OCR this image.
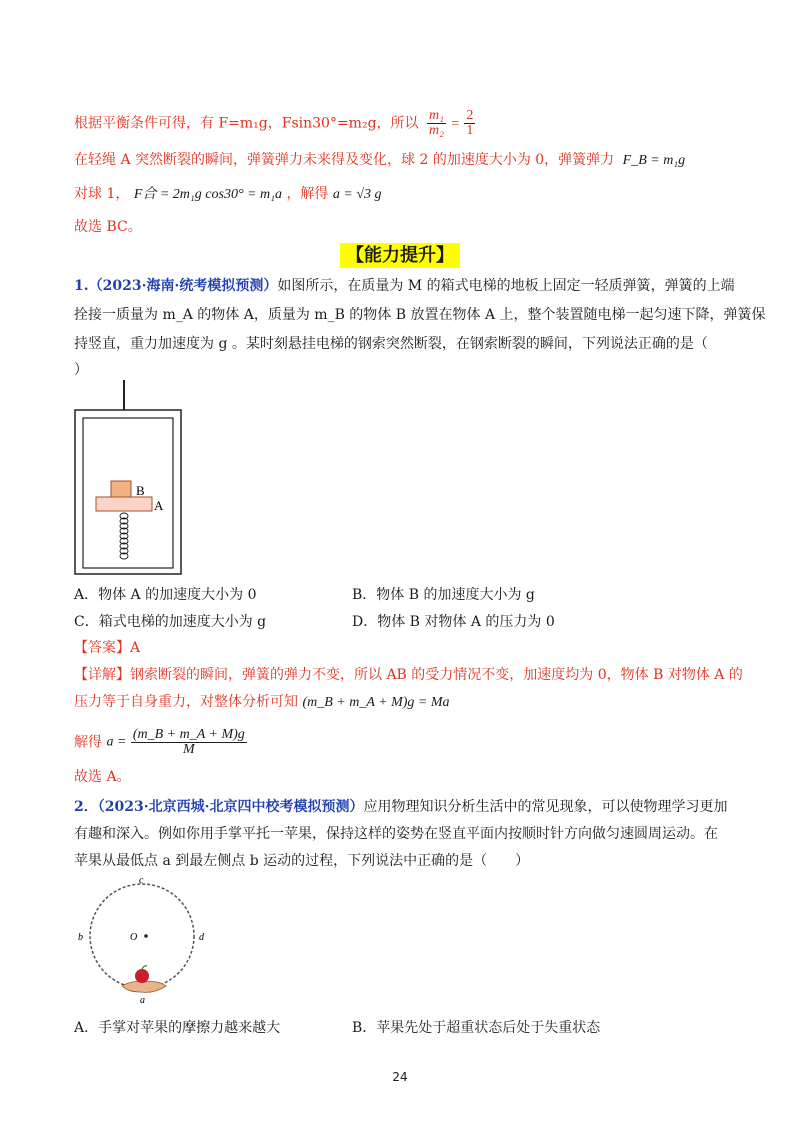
根据平衡条件可得，有 F=m₁g，Fsin30°=m₂g，所以 $\frac{\text{m₁}}{\text{m₂}} = \frac{2}{1}$
在轻绳 A 突然断裂的瞬间，弹簧弹力未来得及变化，球 2 的加速度大小为 0，弹簧弹力 F_B = m₁g
对球 1， F合 = 2m₁g cos30° = m₁a ，解得 a = √3 g
故选 BC。
【能力提升】
1.（2023·海南·统考模拟预测）如图所示，在质量为 M 的箱式电梯的地板上固定一轻质弹簧，弹簧的上端
拴接一质量为 m_A 的物体 A，质量为 m_B 的物体 B 放置在物体 A 上，整个装置随电梯一起匀速下降，弹簧保
持竖直，重力加速度为 g 。某时刻悬挂电梯的钢索突然断裂，在钢索断裂的瞬间，下列说法正确的是（
）
B
A
A．物体 A 的加速度大小为 0	B．物体 B 的加速度大小为 g
C．箱式电梯的加速度大小为 g	D．物体 B 对物体 A 的压力为 0
【答案】A
【详解】钢索断裂的瞬间，弹簧的弹力不变，所以 AB 的受力情况不变，加速度均为 0，物体 B 对物体 A 的
压力等于自身重力，对整体分析可知 (m_B + m_A + M)g = Ma
解得 $a = \frac{(m\_B + m\_A + M)g}{M}$
故选 A。
2．（2023·北京西城·北京四中校考模拟预测）应用物理知识分析生活中的常见现象，可以使物理学习更加
有趣和深入。例如你用手掌平托一苹果，保持这样的姿势在竖直平面内按顺时针方向做匀速圆周运动。在
苹果从最低点 a 到最左侧点 b 运动的过程，下列说法中正确的是（　　）
c
b	O	d
a
A．手掌对苹果的摩擦力越来越大	B．苹果先处于超重状态后处于失重状态
24
